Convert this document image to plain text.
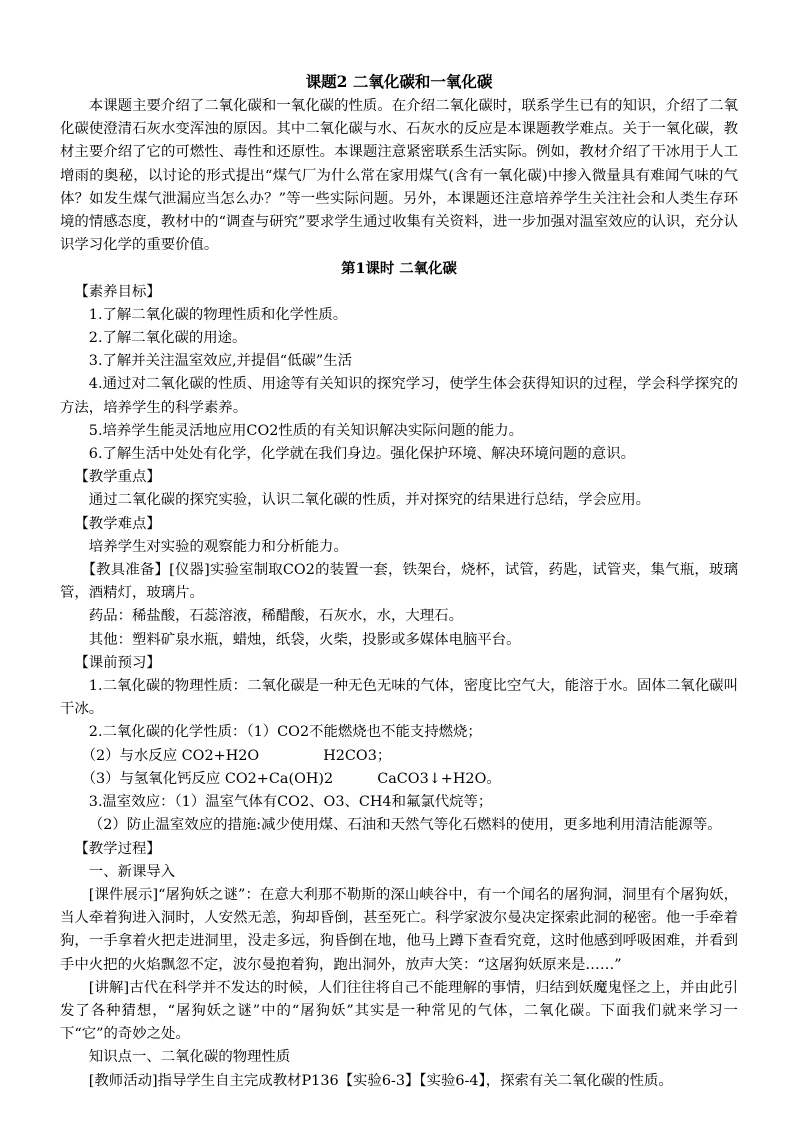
课题2 二氧化碳和一氧化碳

本课题主要介绍了二氧化碳和一氧化碳的性质。在介绍二氧化碳时，联系学生已有的知识，介绍了二氧化碳使澄清石灰水变浑浊的原因。其中二氧化碳与水、石灰水的反应是本课题教学难点。关于一氧化碳，教材主要介绍了它的可燃性、毒性和还原性。本课题注意紧密联系生活实际。例如，教材介绍了干冰用于人工增雨的奥秘，以讨论的形式提出“煤气厂为什么常在家用煤气(含有一氧化碳)中掺入微量具有难闻气味的气体？如发生煤气泄漏应当怎么办？”等一些实际问题。另外，本课题还注意培养学生关注社会和人类生存环境的情感态度，教材中的“调查与研究”要求学生通过收集有关资料，进一步加强对温室效应的认识，充分认识学习化学的重要价值。

第1课时 二氧化碳

【素养目标】

1.了解二氧化碳的物理性质和化学性质。

2.了解二氧化碳的用途。

3.了解并关注温室效应,并提倡“低碳”生活

4.通过对二氧化碳的性质、用途等有关知识的探究学习，使学生体会获得知识的过程，学会科学探究的方法，培养学生的科学素养。

5.培养学生能灵活地应用CO2性质的有关知识解决实际问题的能力。

6.了解生活中处处有化学，化学就在我们身边。强化保护环境、解决环境问题的意识。

【教学重点】

通过二氧化碳的探究实验，认识二氧化碳的性质，并对探究的结果进行总结，学会应用。

【教学难点】

培养学生对实验的观察能力和分析能力。

【教具准备】[仪器]实验室制取CO2的装置一套，铁架台，烧杯，试管，药匙，试管夹，集气瓶，玻璃管，酒精灯，玻璃片。

药品：稀盐酸，石蕊溶液，稀醋酸，石灰水，水，大理石。

其他：塑料矿泉水瓶，蜡烛，纸袋，火柴，投影或多媒体电脑平台。

【课前预习】

1.二氧化碳的物理性质：二氧化碳是一种无色无味的气体，密度比空气大，能溶于水。固体二氧化碳叫干冰。

2.二氧化碳的化学性质：（1）CO2不能燃烧也不能支持燃烧；

（2）与水反应 CO2+H2O	H2CO3；

（3）与氢氧化钙反应 CO2+Ca(OH)2	CaCO3↓+H2O。

3.温室效应：（1）温室气体有CO2、O3、CH4和氟氯代烷等；

（2）防止温室效应的措施:减少使用煤、石油和天然气等化石燃料的使用，更多地利用清洁能源等。

【教学过程】

一、新课导入

[课件展示]“屠狗妖之谜”：在意大利那不勒斯的深山峡谷中，有一个闻名的屠狗洞，洞里有个屠狗妖，当人牵着狗进入洞时，人安然无恙，狗却昏倒，甚至死亡。科学家波尔曼决定探索此洞的秘密。他一手牵着狗，一手拿着火把走进洞里，没走多远，狗昏倒在地，他马上蹲下查看究竟，这时他感到呼吸困难，并看到手中火把的火焰飘忽不定，波尔曼抱着狗，跑出洞外，放声大笑：“这屠狗妖原来是……”

[讲解]古代在科学并不发达的时候，人们往往将自己不能理解的事情，归结到妖魔鬼怪之上，并由此引发了各种猜想，“屠狗妖之谜”中的“屠狗妖”其实是一种常见的气体，二氧化碳。下面我们就来学习一下“它”的奇妙之处。

知识点一、二氧化碳的物理性质

[教师活动]指导学生自主完成教材P136【实验6-3】【实验6-4】，探索有关二氧化碳的性质。
